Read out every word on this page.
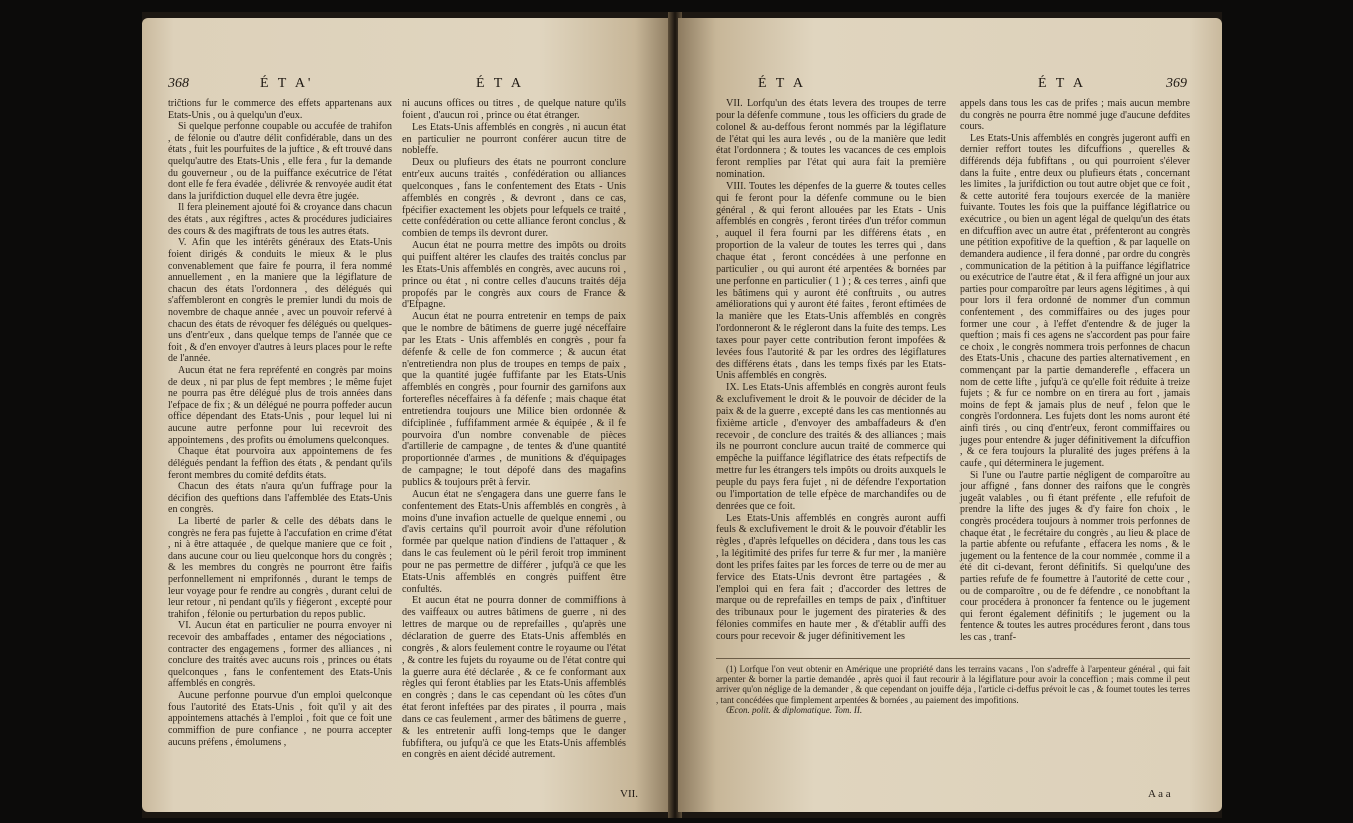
368	É T A'	É T A

triĉtions fur le commerce des effets appartenans aux Etats-Unis , ou à quelqu'un d'eux.

Si quelque perfonne coupable ou accufée de trahifon , de félonie ou d'autre délit confidérable, dans un des états , fuit les pourfuites de la juftice , & eft trouvé dans quelqu'autre des Etats-Unis , elle fera , fur la demande du gouverneur , ou de la puiffance exécutrice de l'état dont elle fe fera évadée , délivrée & renvoyée audit état dans la jurifdiction duquel elle devra être jugée.

Il fera pleinement ajouté foi & croyance dans chacun des états , aux régiftres , actes & procédures judiciaires des cours & des magiftrats de tous les autres états.

V. Afin que les intérêts généraux des Etats-Unis foient dirigés & conduits le mieux & le plus convenablement que faire fe pourra, il fera nommé annuellement , en la maniere que la légiflature de chacun des états l'ordonnera , des délégués qui s'affembleront en congrès le premier lundi du mois de novembre de chaque année , avec un pouvoir refervé à chacun des états de révoquer fes délégués ou quelques-uns d'entr'eux , dans quelque temps de l'année que ce foit , & d'en envoyer d'autres à leurs places pour le refte de l'année.

Aucun état ne fera repréfenté en congrès par moins de deux , ni par plus de fept membres ; le même fujet ne pourra pas être délégué plus de trois années dans l'efpace de fix ; & un délégué ne pourra poffeder aucun office dépendant des Etats-Unis , pour lequel lui ni aucune autre perfonne pour lui recevroit des appointemens , des profits ou émolumens quelconques.

Chaque état pourvoira aux appointemens de fes délégués pendant la feffion des états , & pendant qu'ils feront membres du comité defdits états.

Chacun des états n'aura qu'un fuffrage pour la décifion des queftions dans l'affemblée des Etats-Unis en congrès.

La liberté de parler & celle des débats dans le congrès ne fera pas fujette à l'accufation en crime d'état , ni à être attaquée , de quelque maniere que ce foit , dans aucune cour ou lieu quelconque hors du congrès ; & les membres du congrès ne pourront être faifis perfonnellement ni emprifonnés , durant le temps de leur voyage pour fe rendre au congrès , durant celui de leur retour , ni pendant qu'ils y fiégeront , excepté pour trahifon , félonie ou perturbation du repos public.

VI. Aucun état en particulier ne pourra envoyer ni recevoir des ambaffades , entamer des négociations , contracter des engagemens , former des alliances , ni conclure des traités avec aucuns rois , princes ou états quelconques , fans le confentement des Etats-Unis affemblés en congrès.

Aucune perfonne pourvue d'un emploi quelconque fous l'autorité des Etats-Unis , foit qu'il y ait des appointemens attachés à l'emploi , foit que ce foit une commiffion de pure confiance , ne pourra accepter aucuns préfens , émolumens ,

ni aucuns offices ou titres , de quelque nature qu'ils foient , d'aucun roi , prince ou état étranger.

Les Etats-Unis affemblés en congrès , ni aucun état en particulier ne pourront conférer aucun titre de nobleffe.

Deux ou plufieurs des états ne pourront conclure entr'eux aucuns traités , confédération ou alliances quelconques , fans le confentement des Etats - Unis affemblés en congrès , & devront , dans ce cas, fpécifier exactement les objets pour lefquels ce traité , cette confédération ou cette alliance feront conclus , & combien de temps ils devront durer.

Aucun état ne pourra mettre des impôts ou droits qui puiffent altérer les claufes des traités conclus par les Etats-Unis affemblés en congrès, avec aucuns roi , prince ou état , ni contre celles d'aucuns traités déja propofés par le congrès aux cours de France & d'Efpagne.

Aucun état ne pourra entretenir en temps de paix que le nombre de bâtimens de guerre jugé néceffaire par les Etats - Unis affemblés en congrès , pour fa défenfe & celle de fon commerce ; & aucun état n'entretiendra non plus de troupes en temps de paix , que la quantité jugée fuffifante par les Etats-Unis affemblés en congrès , pour fournir des garnifons aux forterefles néceffaires à fa défenfe ; mais chaque état entretiendra toujours une Milice bien ordonnée & difciplinée , fuffifamment armée & équipée , & il fe pourvoira d'un nombre convenable de pièces d'artillerie de campagne , de tentes & d'une quantité proportionnée d'armes , de munitions & d'équipages de campagne; le tout dépofé dans des magafins publics & toujours prêt à fervir.

Aucun état ne s'engagera dans une guerre fans le confentement des Etats-Unis affemblés en congrès , à moins d'une invafion actuelle de quelque ennemi , ou d'avis certains qu'il pourroit avoir d'une réfolution formée par quelque nation d'indiens de l'attaquer , & dans le cas feulement où le péril feroit trop imminent pour ne pas permettre de différer , jufqu'à ce que les Etats-Unis affemblés en congrès puiffent être confultés.

Et aucun état ne pourra donner de commiffions à des vaiffeaux ou autres bâtimens de guerre , ni des lettres de marque ou de reprefailles , qu'après une déclaration de guerre des Etats-Unis affemblés en congrès , & alors feulement contre le royaume ou l'état , & contre les fujets du royaume ou de l'état contre qui la guerre aura été déclarée , & ce fe conformant aux règles qui feront établies par les Etats-Unis affemblés en congrès ; dans le cas cependant où les côtes d'un état feront infeftées par des pirates , il pourra , mais dans ce cas feulement , armer des bâtimens de guerre , & les entretenir auffi long-temps que le danger fubfiftera, ou jufqu'à ce que les Etats-Unis affemblés en congrès en aient décidé autrement.

VII.
É T A	É T A	369

VII. Lorfqu'un des états levera des troupes de terre pour la défenfe commune , tous les officiers du grade de colonel & au-deffous feront nommés par la légiflature de l'état qui les aura levés , ou de la manière que ledit état l'ordonnera ; & toutes les vacances de ces emplois feront remplies par l'état qui aura fait la première nomination.

VIII. Toutes les dépenfes de la guerre & toutes celles qui fe feront pour la défenfe commune ou le bien général , & qui feront allouées par les Etats - Unis affemblés en congrès , feront tirées d'un tréfor commun , auquel il fera fourni par les différens états , en proportion de la valeur de toutes les terres qui , dans chaque état , feront concédées à une perfonne en particulier , ou qui auront été arpentées & bornées par une perfonne en particulier ( 1 ) ; & ces terres , ainfi que les bâtimens qui y auront été conftruits , ou autres améliorations qui y auront été faites , feront eftimées de la manière que les Etats-Unis affemblés en congrès l'ordonneront & le régleront dans la fuite des temps. Les taxes pour payer cette contribution feront impofées & levées fous l'autorité & par les ordres des légiflatures des différens états , dans les temps fixés par les Etats-Unis affemblés en congrès.

IX. Les Etats-Unis affemblés en congrès auront feuls & exclufivement le droit & le pouvoir de décider de la paix & de la guerre , excepté dans les cas mentionnés au fixième article , d'envoyer des ambaffadeurs & d'en recevoir , de conclure des traités & des alliances ; mais ils ne pourront conclure aucun traité de commerce qui empêche la puiffance légiflatrice des états refpectifs de mettre fur les étrangers tels impôts ou droits auxquels le peuple du pays fera fujet , ni de défendre l'exportation ou l'importation de telle efpèce de marchandifes ou de denrées que ce foit.

Les Etats-Unis affemblés en congrès auront auffi feuls & exclufivement le droit & le pouvoir d'établir les règles , d'après lefquelles on décidera , dans tous les cas , la légitimité des prifes fur terre & fur mer , la manière dont les prifes faites par les forces de terre ou de mer au fervice des Etats-Unis devront être partagées , & l'emploi qui en fera fait ; d'accorder des lettres de marque ou de reprefailles en temps de paix , d'inftituer des tribunaux pour le jugement des pirateries & des félonies commifes en haute mer , & d'établir auffi des cours pour recevoir & juger définitivement les

appels dans tous les cas de prifes ; mais aucun membre du congrès ne pourra être nommé juge d'aucune defdites cours.

Les Etats-Unis affemblés en congrès jugeront auffi en dernier reffort toutes les difcuffions , querelles & différends déja fubfiftans , ou qui pourroient s'élever dans la fuite , entre deux ou plufieurs états , concernant les limites , la jurifdiction ou tout autre objet que ce foit , & cette autorité fera toujours exercée de la manière fuivante. Toutes les fois que la puiffance légiflatrice ou exécutrice , ou bien un agent légal de quelqu'un des états en difcuffion avec un autre état , préfenteront au congrès une pétition expofitive de la queftion , & par laquelle on demandera audience , il fera donné , par ordre du congrès , communication de la pétition à la puiffance légiflatrice ou exécutrice de l'autre état , & il fera affigné un jour aux parties pour comparoître par leurs agens légitimes , à qui pour lors il fera ordonné de nommer d'un commun confentement , des commiffaires ou des juges pour former une cour , à l'effet d'entendre & de juger la queftion ; mais fi ces agens ne s'accordent pas pour faire ce choix , le congrès nommera trois perfonnes de chacun des Etats-Unis , chacune des parties alternativement , en commençant par la partie demanderefle , effacera un nom de cette lifte , jufqu'à ce qu'elle foit réduite à treize fujets ; & fur ce nombre on en tirera au fort , jamais moins de fept & jamais plus de neuf , felon que le congrès l'ordonnera. Les fujets dont les noms auront été ainfi tirés , ou cinq d'entr'eux, feront commiffaires ou juges pour entendre & juger définitivement la difcuffion , & ce fera toujours la pluralité des juges préfens à la caufe , qui déterminera le jugement.

Si l'une ou l'autre partie négligent de comparoître au jour affigné , fans donner des raifons que le congrès jugeât valables , ou fi étant préfente , elle refufoit de prendre la lifte des juges & d'y faire fon choix , le congrès procédera toujours à nommer trois perfonnes de chaque état , le fecrétaire du congrès , au lieu & place de la partie abfente ou refufante , effacera les noms , & le jugement ou la fentence de la cour nommée , comme il a été dit ci-devant, feront définitifs. Si quelqu'une des parties refufe de fe foumettre à l'autorité de cette cour , ou de comparoître , ou de fe défendre , ce nonobftant la cour procédera à prononcer fa fentence ou le jugement qui feront également définitifs ; le jugement ou la fentence & toutes les autres procédures feront , dans tous les cas , tranf-

(1) Lorfque l'on veut obtenir en Amérique une propriété dans les terrains vacans , l'on s'adreffe à l'arpenteur général , qui fait arpenter & borner la partie demandée , après quoi il faut recourir à la légiflature pour avoir la conceffion ; mais comme il peut arriver qu'on néglige de la demander , & que cependant on jouiffe déja , l'article ci-deffus prévoit le cas , & foumet toutes les terres , tant concédées que fimplement arpentées & bornées , au paiement des impofitions.

Œcon. polit. & diplomatique. Tom. II.

A a a
